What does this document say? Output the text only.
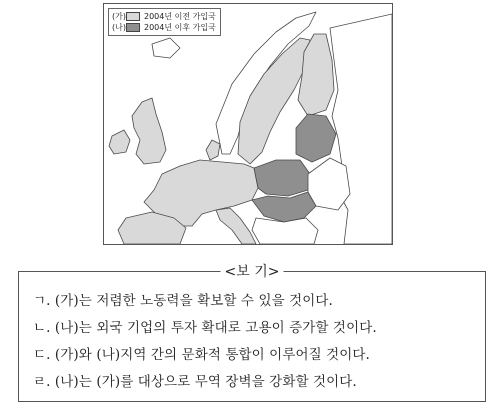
(가) 2004년 이전 가입국
(나) 2004년 이후 가입국
<보 기>
ㄱ. (가)는 저렴한 노동력을 확보할 수 있을 것이다.
ㄴ. (나)는 외국 기업의 투자 확대로 고용이 증가할 것이다.
ㄷ. (가)와 (나)지역 간의 문화적 통합이 이루어질 것이다.
ㄹ. (나)는 (가)를 대상으로 무역 장벽을 강화할 것이다.
